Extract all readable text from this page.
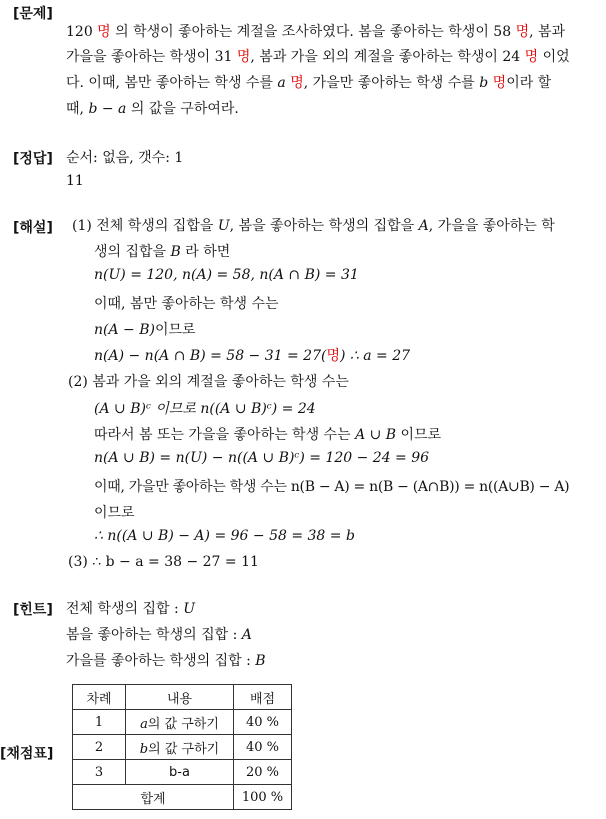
[문제]
[정답]
[해설]
[힌트]
[채점표]
120 명 의 학생이 좋아하는 계절을 조사하였다. 봄을 좋아하는 학생이 58 명, 봄과
가을을 좋아하는 학생이 31 명, 봄과 가을 외의 계절을 좋아하는 학생이 24 명 이었
다. 이때, 봄만 좋아하는 학생 수를 a 명, 가을만 좋아하는 학생 수를 b 명이라 할
때, b − a 의 값을 구하여라.
순서: 없음, 갯수: 1
11
(1) 전체 학생의 집합을 U, 봄을 좋아하는 학생의 집합을 A, 가을을 좋아하는 학
생의 집합을 B 라 하면
n(U) = 120, n(A) = 58, n(A ∩ B) = 31
이때, 봄만 좋아하는 학생 수는
n(A − B)이므로
n(A) − n(A ∩ B) = 58 − 31 = 27(명) ∴ a = 27
(2) 봄과 가을 외의 계절을 좋아하는 학생 수는
(A ∪ B)ᶜ 이므로 n((A ∪ B)ᶜ) = 24
따라서 봄 또는 가을을 좋아하는 학생 수는 A ∪ B 이므로
n(A ∪ B) = n(U) − n((A ∪ B)ᶜ) = 120 − 24 = 96
이때, 가을만 좋아하는 학생 수는 n(B − A) = n(B − (A∩B)) = n((A∪B) − A)
이므로
∴ n((A ∪ B) − A) = 96 − 58 = 38 = b
(3) ∴ b − a = 38 − 27 = 11
전체 학생의 집합 : U
봄을 좋아하는 학생의 집합 : A
가을를 좋아하는 학생의 집합 : B
차례	내용	배점
1	a의 값 구하기	40 %
2	b의 값 구하기	40 %
3	b-a	20 %
합계		100 %
